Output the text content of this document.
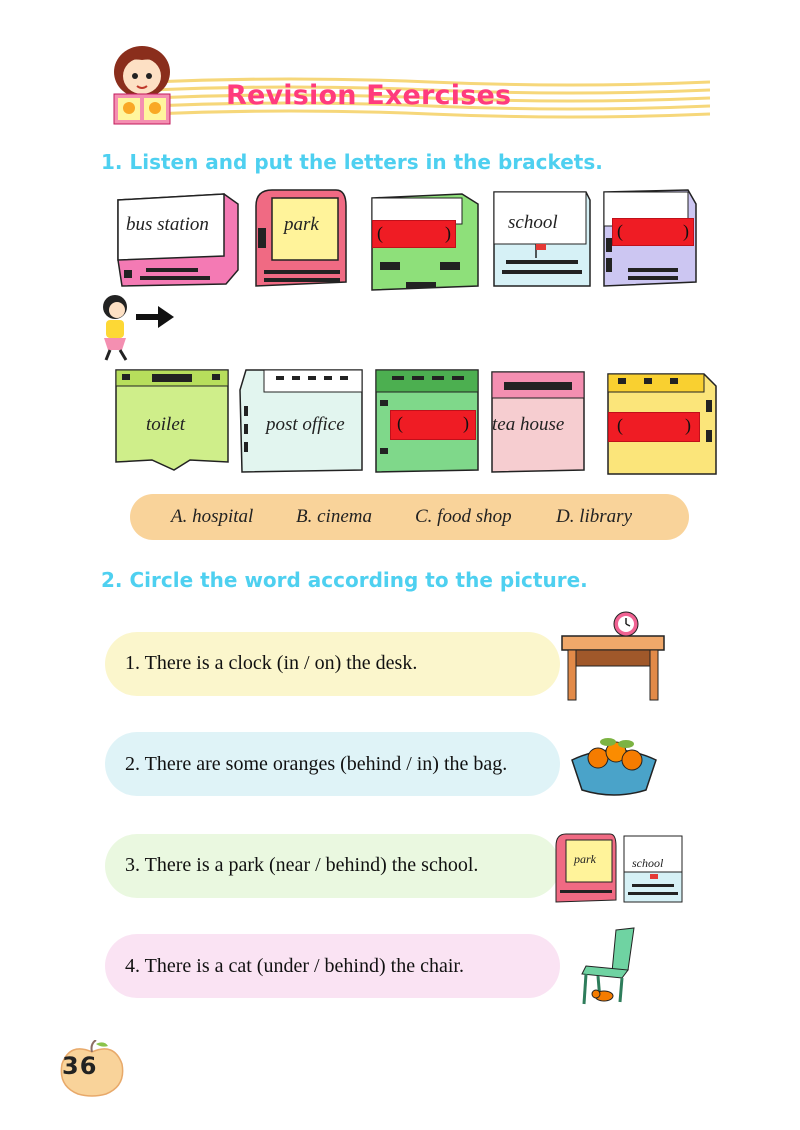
Revision Exercises
1. Listen and put the letters in the brackets.
bus station	park	(	)	school	(	)
toilet	post office	(	) tea house	(	)
A. hospital B. cinema C. food shop D. library
2. Circle the word according to the picture.
1. There is a clock (in / on) the desk.
2. There are some oranges (behind / in) the bag.
3. There is a park (near / behind) the school.	park	school
4. There is a cat (under / behind) the chair.
36
